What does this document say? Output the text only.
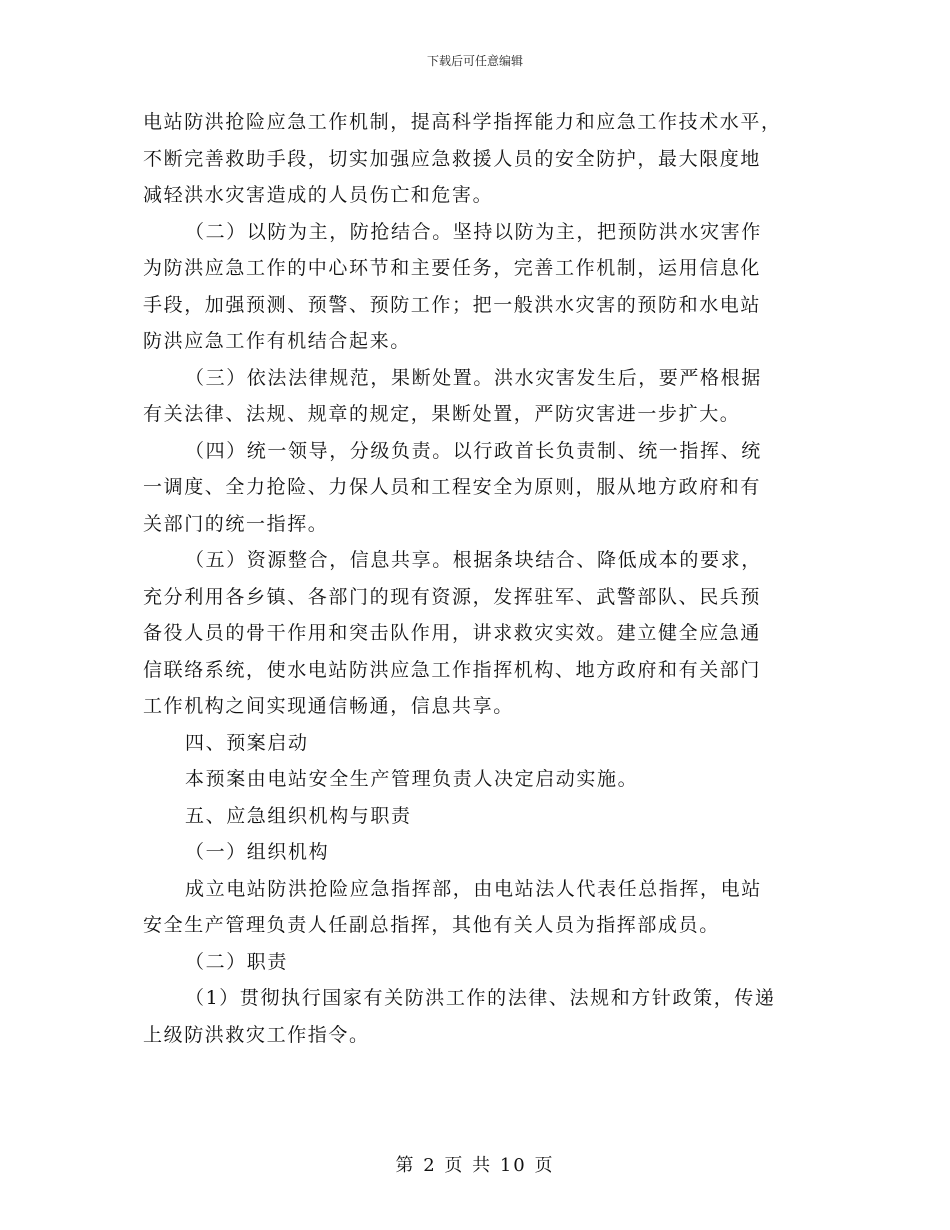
下载后可任意编辑
电站防洪抢险应急工作机制，提高科学指挥能力和应急工作技术水平，
不断完善救助手段，切实加强应急救援人员的安全防护，最大限度地
减轻洪水灾害造成的人员伤亡和危害。
（二）以防为主，防抢结合。坚持以防为主，把预防洪水灾害作
为防洪应急工作的中心环节和主要任务，完善工作机制，运用信息化
手段，加强预测、预警、预防工作；把一般洪水灾害的预防和水电站
防洪应急工作有机结合起来。
（三）依法法律规范，果断处置。洪水灾害发生后，要严格根据
有关法律、法规、规章的规定，果断处置，严防灾害进一步扩大。
（四）统一领导，分级负责。以行政首长负责制、统一指挥、统
一调度、全力抢险、力保人员和工程安全为原则，服从地方政府和有
关部门的统一指挥。
（五）资源整合，信息共享。根据条块结合、降低成本的要求，
充分利用各乡镇、各部门的现有资源，发挥驻军、武警部队、民兵预
备役人员的骨干作用和突击队作用，讲求救灾实效。建立健全应急通
信联络系统，使水电站防洪应急工作指挥机构、地方政府和有关部门
工作机构之间实现通信畅通，信息共享。
四、预案启动
本预案由电站安全生产管理负责人决定启动实施。
五、应急组织机构与职责
（一）组织机构
成立电站防洪抢险应急指挥部，由电站法人代表任总指挥，电站
安全生产管理负责人任副总指挥，其他有关人员为指挥部成员。
（二）职责
（1）贯彻执行国家有关防洪工作的法律、法规和方针政策，传递
上级防洪救灾工作指令。
第 2 页 共 10 页
